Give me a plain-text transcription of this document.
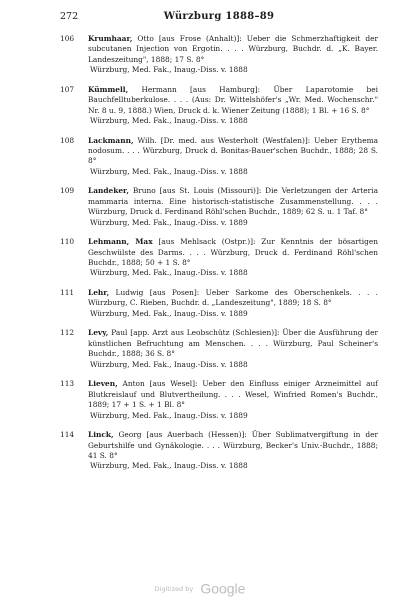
272	Würzburg 1888–89
106	Krumhaar, Otto [aus Frose (Anhalt)]: Ueber die Schmerzhaftigkeit der subcutanen Injection von Ergotin. . . . Würzburg, Buchdr. d. „K. Bayer. Landeszeitung", 1888; 17 S. 8°
Würzburg, Med. Fak., Inaug.-Diss. v. 1888
107	Kümmell, Hermann [aus Hamburg]: Über Laparotomie bei Bauchfelltuberkulose. . . . (Aus: Dr. Wittelshöfer's „Wr. Med. Wochenschr." Nr. 8 u. 9, 1888.) Wien, Druck d. k. Wiener Zeitung (1888); 1 Bl. + 16 S. 8°
Würzburg, Med. Fak., Inaug.-Diss. v. 1888
108	Lackmann, Wilh. [Dr. med. aus Westerholt (Westfalen)]: Ueber Erythema nodosum. . . . Würzburg, Druck d. Bonitas-Bauer'schen Buchdr., 1888; 28 S. 8°
Würzburg, Med. Fak., Inaug.-Diss. v. 1888
109	Landeker, Bruno [aus St. Louis (Missouri)]: Die Verletzungen der Arteria mammaria interna. Eine historisch-statistische Zusammenstellung. . . . Würzburg, Druck d. Ferdinand Röhl'schen Buchdr., 1889; 62 S. u. 1 Taf. 8°
Würzburg, Med. Fak., Inaug.-Diss. v. 1889
110	Lehmann, Max [aus Mehlsack (Ostpr.)]: Zur Kenntnis der bösartigen Geschwülste des Darms. . . . Würzburg, Druck d. Ferdinand Röhl'schen Buchdr., 1888; 50 + 1 S. 8°
Würzburg, Med. Fak., Inaug.-Diss. v. 1888
111	Lehr, Ludwig [aus Posen]: Ueber Sarkome des Oberschenkels. . . . Würzburg, C. Rieben, Buchdr. d. „Landeszeitung", 1889; 18 S. 8°
Würzburg, Med. Fak., Inaug.-Diss. v. 1889
112	Levy, Paul [app. Arzt aus Leobschütz (Schlesien)]: Über die Ausführung der künstlichen Befruchtung am Menschen. . . . Würzburg, Paul Scheiner's Buchdr., 1888; 36 S. 8°
Würzburg, Med. Fak., Inaug.-Diss. v. 1888
113	Lieven, Anton [aus Wesel]: Ueber den Einfluss einiger Arzneimittel auf Blutkreislauf und Blutvertheilung. . . . Wesel, Winfried Romen's Buchdr., 1889; 17 + 1 S. + 1 Bl. 8°
Würzburg, Med. Fak., Inaug.-Diss. v. 1889
114	Linck, Georg [aus Auerbach (Hessen)]: Über Sublimatvergiftung in der Geburtshilfe und Gynäkologie. . . . Würzburg, Becker's Univ.-Buchdr., 1888; 41 S. 8°
Würzburg, Med. Fak., Inaug.-Diss. v. 1888
Digitized by Google
